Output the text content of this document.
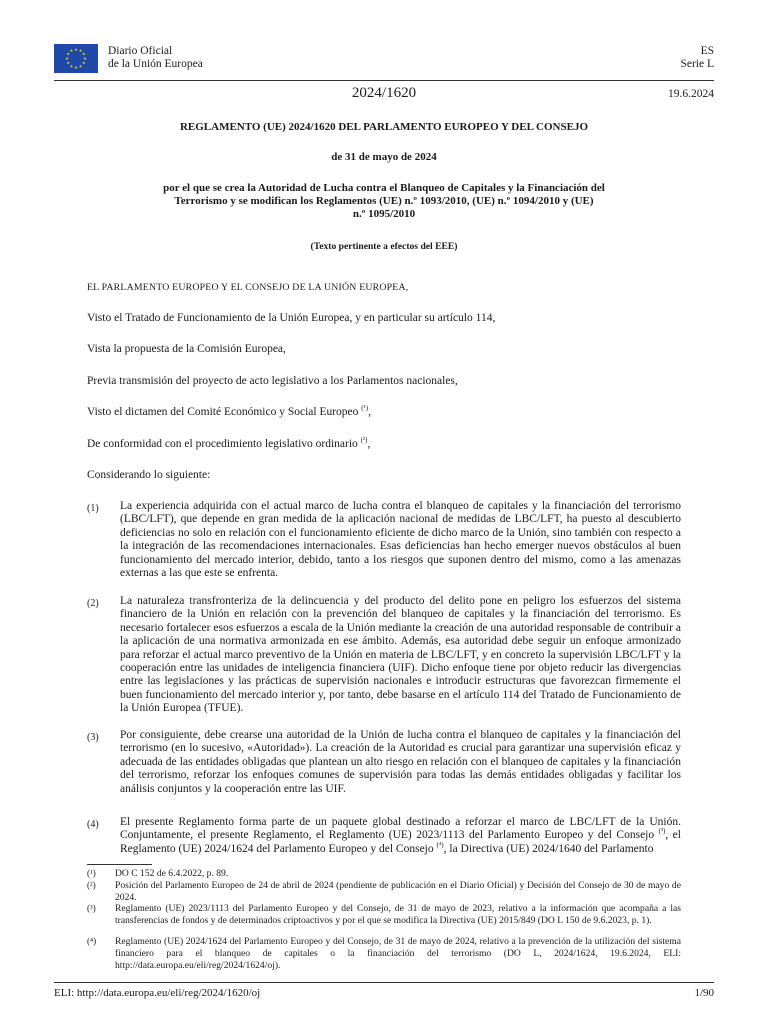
Diario Oficial
de la Unión Europea
ES
Serie L
2024/1620	19.6.2024
REGLAMENTO (UE) 2024/1620 DEL PARLAMENTO EUROPEO Y DEL CONSEJO
de 31 de mayo de 2024
por el que se crea la Autoridad de Lucha contra el Blanqueo de Capitales y la Financiación del
Terrorismo y se modifican los Reglamentos (UE) n.º 1093/2010, (UE) n.º 1094/2010 y (UE)
n.º 1095/2010
(Texto pertinente a efectos del EEE)
EL PARLAMENTO EUROPEO Y EL CONSEJO DE LA UNIÓN EUROPEA,
Visto el Tratado de Funcionamiento de la Unión Europea, y en particular su artículo 114,
Vista la propuesta de la Comisión Europea,
Previa transmisión del proyecto de acto legislativo a los Parlamentos nacionales,
Visto el dictamen del Comité Económico y Social Europeo $^{(^1)}$,
De conformidad con el procedimiento legislativo ordinario $^{(^2)}$,
Considerando lo siguiente:
(1) La experiencia adquirida con el actual marco de lucha contra el blanqueo de capitales y la financiación del terrorismo (LBC/LFT), que depende en gran medida de la aplicación nacional de medidas de LBC/LFT, ha puesto al descubierto deficiencias no solo en relación con el funcionamiento eficiente de dicho marco de la Unión, sino también con respecto a la integración de las recomendaciones internacionales. Esas deficiencias han hecho emerger nuevos obstáculos al buen funcionamiento del mercado interior, debido, tanto a los riesgos que suponen dentro del mismo, como a las amenazas externas a las que este se enfrenta.
(2) La naturaleza transfronteriza de la delincuencia y del producto del delito pone en peligro los esfuerzos del sistema financiero de la Unión en relación con la prevención del blanqueo de capitales y la financiación del terrorismo. Es necesario fortalecer esos esfuerzos a escala de la Unión mediante la creación de una autoridad responsable de contribuir a la aplicación de una normativa armonizada en ese ámbito. Además, esa autoridad debe seguir un enfoque armonizado para reforzar el actual marco preventivo de la Unión en materia de LBC/LFT, y en concreto la supervisión LBC/LFT y la cooperación entre las unidades de inteligencia financiera (UIF). Dicho enfoque tiene por objeto reducir las divergencias entre las legislaciones y las prácticas de supervisión nacionales e introducir estructuras que favorezcan firmemente el buen funcionamiento del mercado interior y, por tanto, debe basarse en el artículo 114 del Tratado de Funcionamiento de la Unión Europea (TFUE).
(3) Por consiguiente, debe crearse una autoridad de la Unión de lucha contra el blanqueo de capitales y la financiación del terrorismo (en lo sucesivo, «Autoridad»). La creación de la Autoridad es crucial para garantizar una supervisión eficaz y adecuada de las entidades obligadas que plantean un alto riesgo en relación con el blanqueo de capitales y la financiación del terrorismo, reforzar los enfoques comunes de supervisión para todas las demás entidades obligadas y facilitar los análisis conjuntos y la cooperación entre las UIF.
(4) El presente Reglamento forma parte de un paquete global destinado a reforzar el marco de LBC/LFT de la Unión. Conjuntamente, el presente Reglamento, el Reglamento (UE) 2023/1113 del Parlamento Europeo y del Consejo $^{(^3)}$, el Reglamento (UE) 2024/1624 del Parlamento Europeo y del Consejo $^{(^4)}$, la Directiva (UE) 2024/1640 del Parlamento
(¹) DO C 152 de 6.4.2022, p. 89.
(²) Posición del Parlamento Europeo de 24 de abril de 2024 (pendiente de publicación en el Diario Oficial) y Decisión del Consejo de 30 de mayo de 2024.
(³) Reglamento (UE) 2023/1113 del Parlamento Europeo y del Consejo, de 31 de mayo de 2023, relativo a la información que acompaña a las transferencias de fondos y de determinados criptoactivos y por el que se modifica la Directiva (UE) 2015/849 (DO L 150 de 9.6.2023, p. 1).
(⁴) Reglamento (UE) 2024/1624 del Parlamento Europeo y del Consejo, de 31 de mayo de 2024, relativo a la prevención de la utilización del sistema financiero para el blanqueo de capitales o la financiación del terrorismo (DO L, 2024/1624, 19.6.2024, ELI: http://data.europa.eu/eli/reg/2024/1624/oj).
ELI: http://data.europa.eu/eli/reg/2024/1620/oj	1/90
